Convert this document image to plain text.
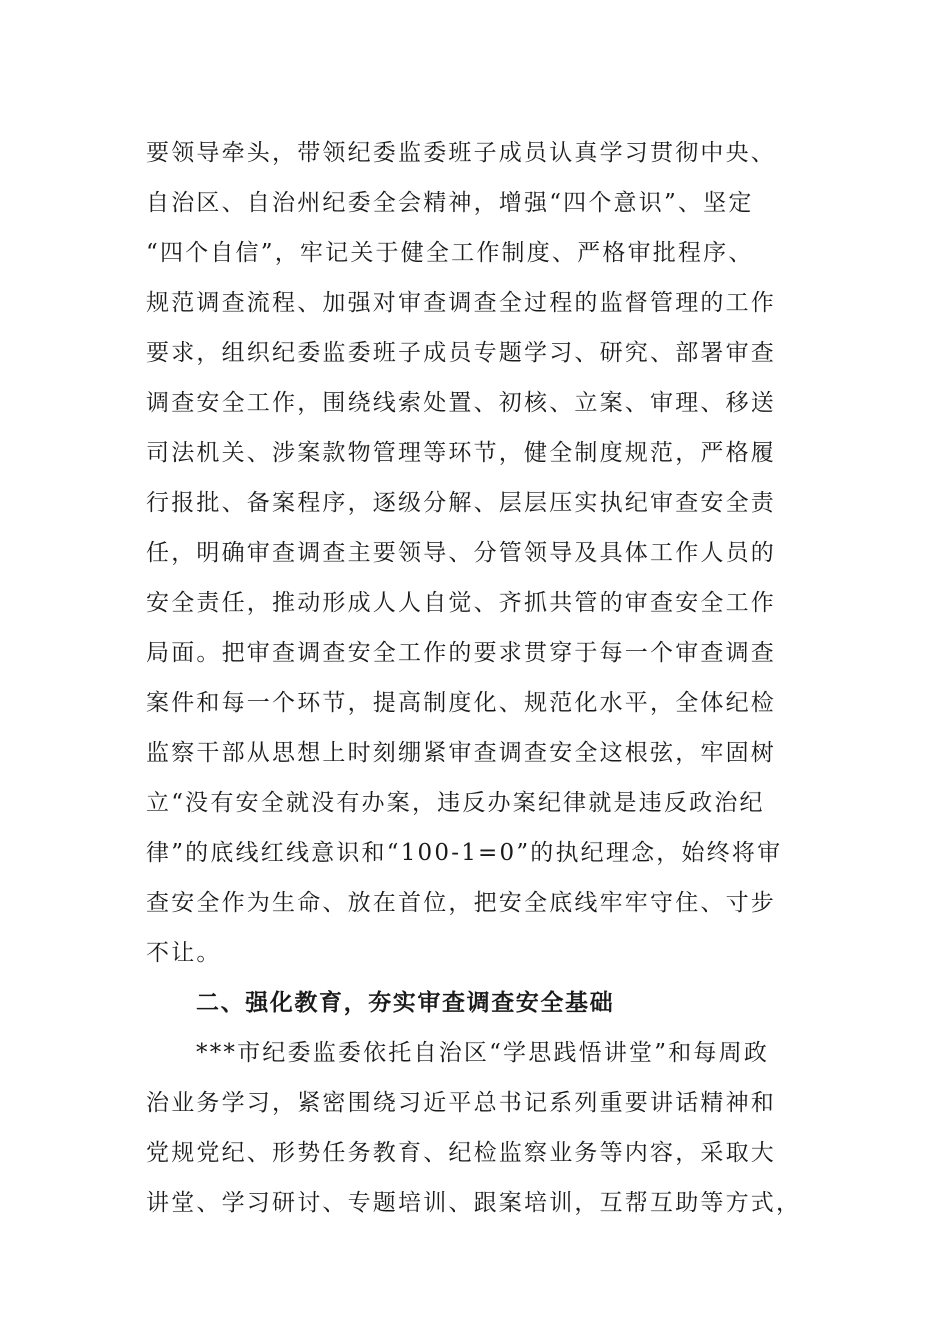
要领导牵头，带领纪委监委班子成员认真学习贯彻中央、
自治区、自治州纪委全会精神，增强“四个意识”、坚定
“四个自信”，牢记关于健全工作制度、严格审批程序、
规范调查流程、加强对审查调查全过程的监督管理的工作
要求，组织纪委监委班子成员专题学习、研究、部署审查
调查安全工作，围绕线索处置、初核、立案、审理、移送
司法机关、涉案款物管理等环节，健全制度规范，严格履
行报批、备案程序，逐级分解、层层压实执纪审查安全责
任，明确审查调查主要领导、分管领导及具体工作人员的
安全责任，推动形成人人自觉、齐抓共管的审查安全工作
局面。把审查调查安全工作的要求贯穿于每一个审查调查
案件和每一个环节，提高制度化、规范化水平，全体纪检
监察干部从思想上时刻绷紧审查调查安全这根弦，牢固树
立“没有安全就没有办案，违反办案纪律就是违反政治纪
律”的底线红线意识和“100-1=0”的执纪理念，始终将审
查安全作为生命、放在首位，把安全底线牢牢守住、寸步
不让。
二、强化教育，夯实审查调查安全基础
***市纪委监委依托自治区“学思践悟讲堂”和每周政
治业务学习，紧密围绕习近平总书记系列重要讲话精神和
党规党纪、形势任务教育、纪检监察业务等内容，采取大
讲堂、学习研讨、专题培训、跟案培训，互帮互助等方式，
